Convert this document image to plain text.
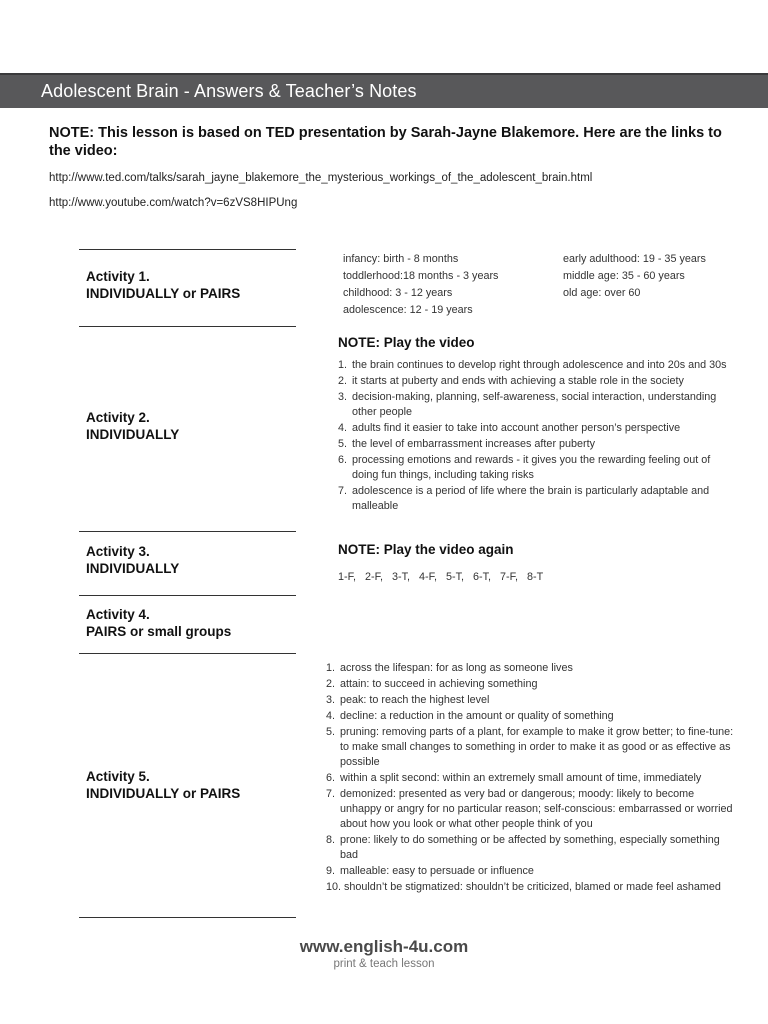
Adolescent Brain - Answers & Teacher’s Notes
NOTE: This lesson is based on TED presentation by Sarah-Jayne Blakemore. Here are the links to the video:
http://www.ted.com/talks/sarah_jayne_blakemore_the_mysterious_workings_of_the_adolescent_brain.html
http://www.youtube.com/watch?v=6zVS8HIPUng
Activity 1.
INDIVIDUALLY or PAIRS
Activity 2.
INDIVIDUALLY
Activity 3.
INDIVIDUALLY
Activity 4.
PAIRS or small groups
Activity 5.
INDIVIDUALLY or PAIRS
infancy: birth - 8 months
toddlerhood:18 months - 3 years
childhood: 3 - 12 years
adolescence: 12 - 19 years
early adulthood: 19 - 35 years
middle age: 35 - 60 years
old age: over 60
NOTE: Play the video
1. the brain continues to develop right through adolescence and into 20s and 30s
2. it starts at puberty and ends with achieving a stable role in the society
3. decision-making, planning, self-awareness, social interaction, understanding other people
4. adults find it easier to take into account another person’s perspective
5. the level of embarrassment increases after puberty
6. processing emotions and rewards - it gives you the rewarding feeling out of doing fun things, including taking risks
7. adolescence is a period of life where the brain is particularly adaptable and malleable
NOTE: Play the video again
1-F,   2-F,   3-T,   4-F,   5-T,   6-T,   7-F,   8-T
1. across the lifespan: for as long as someone lives
2. attain: to succeed in achieving something
3. peak: to reach the highest level
4. decline: a reduction in the amount or quality of something
5. pruning: removing parts of a plant, for example to make it grow better; to fine-tune: to make small changes to something in order to make it as good or as effective as possible
6. within a split second: within an extremely small amount of time, immediately
7. demonized: presented as very bad or dangerous; moody: likely to become unhappy or angry for no particular reason; self-conscious: embarrassed or worried about how you look or what other people think of you
8. prone: likely to do something or be affected by something, especially something bad
9. malleable: easy to persuade or influence
10. shouldn’t be stigmatized: shouldn’t be criticized, blamed or made feel ashamed
www.english-4u.com
print & teach lesson
